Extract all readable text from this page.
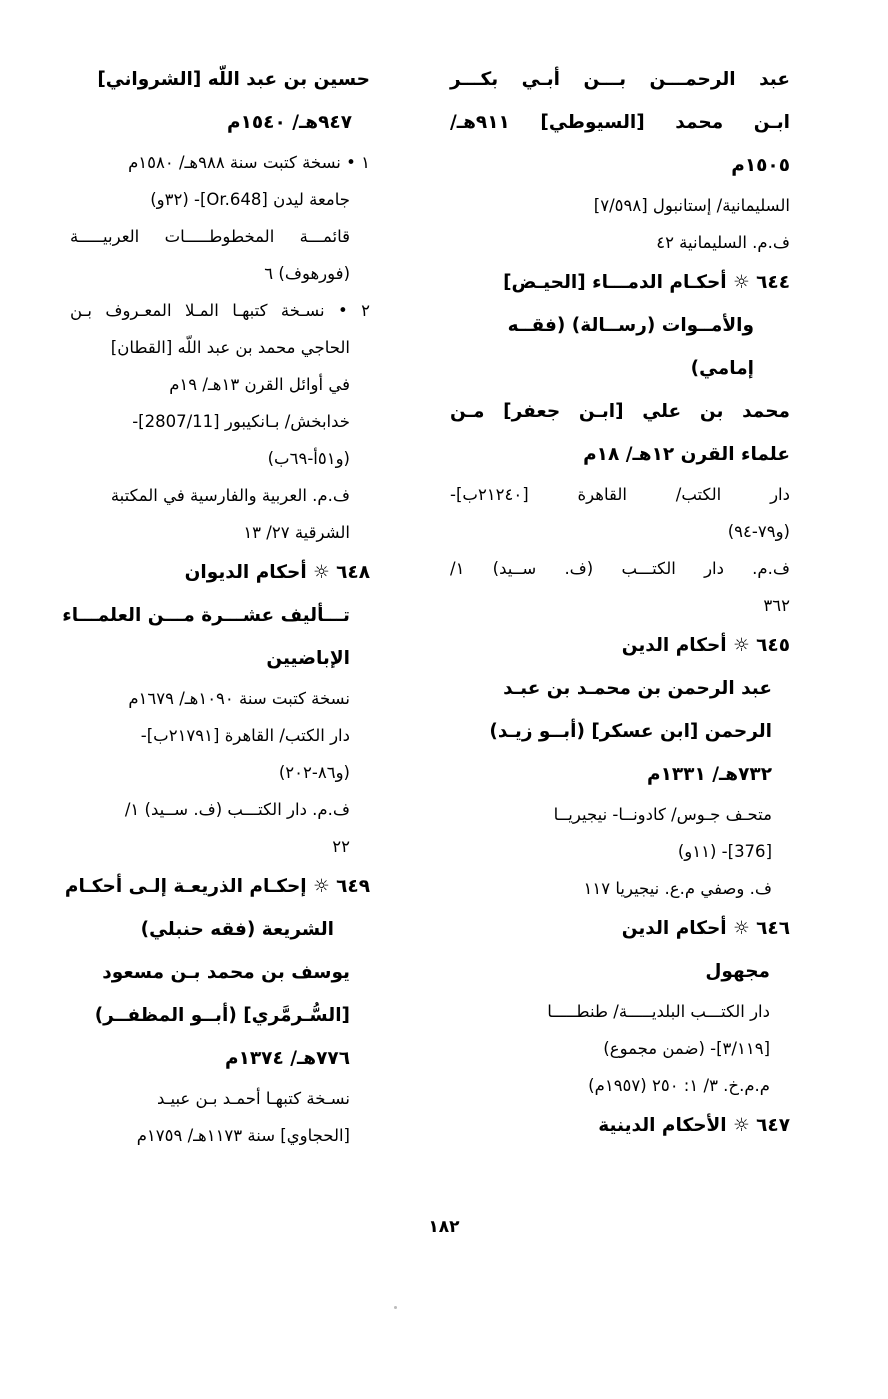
عبد الرحمـــن بـــن أبـي بكـــر
ابـن محمد [السيوطي] ٩١١هـ/
١٥٠٥م
السليمانية/ إستانبول [٧/٥٩٨]
ف.م. السليمانية ٤٢
٦٤٤ ☼ أحكـام الدمـــاء [الحيـض]
والأمــوات (رســالة) (فقــه
إمامي)
محمد بن علي [ابـن جعفر] مـن
علماء القرن ١٢هـ/ ١٨م
دار الكتب/ القاهرة [٢١٢٤٠ب]-
(و٧٩-٩٤)
ف.م. دار الكتـــب (ف. ســيد) ١/
٣٦٢
٦٤٥ ☼ أحكام الدين
عبد الرحمن بن محمـد بن عبـد
الرحمن [ابن عسكر] (أبــو زيـد)
٧٣٢هـ/ ١٣٣١م
متحـف جـوس/ كادونــا- نيجيريــا
[376]- (١١و)
ف. وصفي م.ع. نيجيريا ١١٧
٦٤٦ ☼ أحكام الدين
مجهول
دار الكتـــب البلديـــــة/ طنطـــــا
[٣/١١٩]- (ضمن مجموع)
م.م.خ. ٣/ ١: ٢٥٠ (١٩٥٧م)
٦٤٧ ☼ الأحكام الدينية
حسين بن عبد اللّه [الشرواني]
٩٤٧هـ/ ١٥٤٠م
١ • نسخة كتبت سنة ٩٨٨هـ/ ١٥٨٠م
جامعة ليدن [Or.648]- (٣٢و)
قائمـــة المخطوطـــــات العربيـــــة
(فورهوف) ٦
٢ • نسـخة كتبهـا المـلا المعـروف بـن
الحاجي محمد بن عبد اللّه [القطان]
في أوائل القرن ١٣هـ/ ١٩م
خدابخش/ بـانكيبور [2807/11]-
(و٥١أ-٦٩ب)
ف.م. العربية والفارسية في المكتبة
الشرقية ٢٧/ ١٣
٦٤٨ ☼ أحكام الديوان
تـــأليف عشـــرة مـــن العلمـــاء
الإباضيين
نسخة كتبت سنة ١٠٩٠هـ/ ١٦٧٩م
دار الكتب/ القاهرة [٢١٧٩١ب]-
(و٨٦-٢٠٢)
ف.م. دار الكتـــب (ف. ســيد) ١/
٢٢
٦٤٩ ☼ إحكـام الذريعـة إلـى أحكـام
الشريعة (فقه حنبلي)
يوسف بن محمد بـن مسعود
[السُّـرمَّري] (أبــو المظفــر)
٧٧٦هـ/ ١٣٧٤م
نسـخة كتبهـا أحمـد بـن عبيـد
[الحجاوي] سنة ١١٧٣هـ/ ١٧٥٩م
١٨٢
